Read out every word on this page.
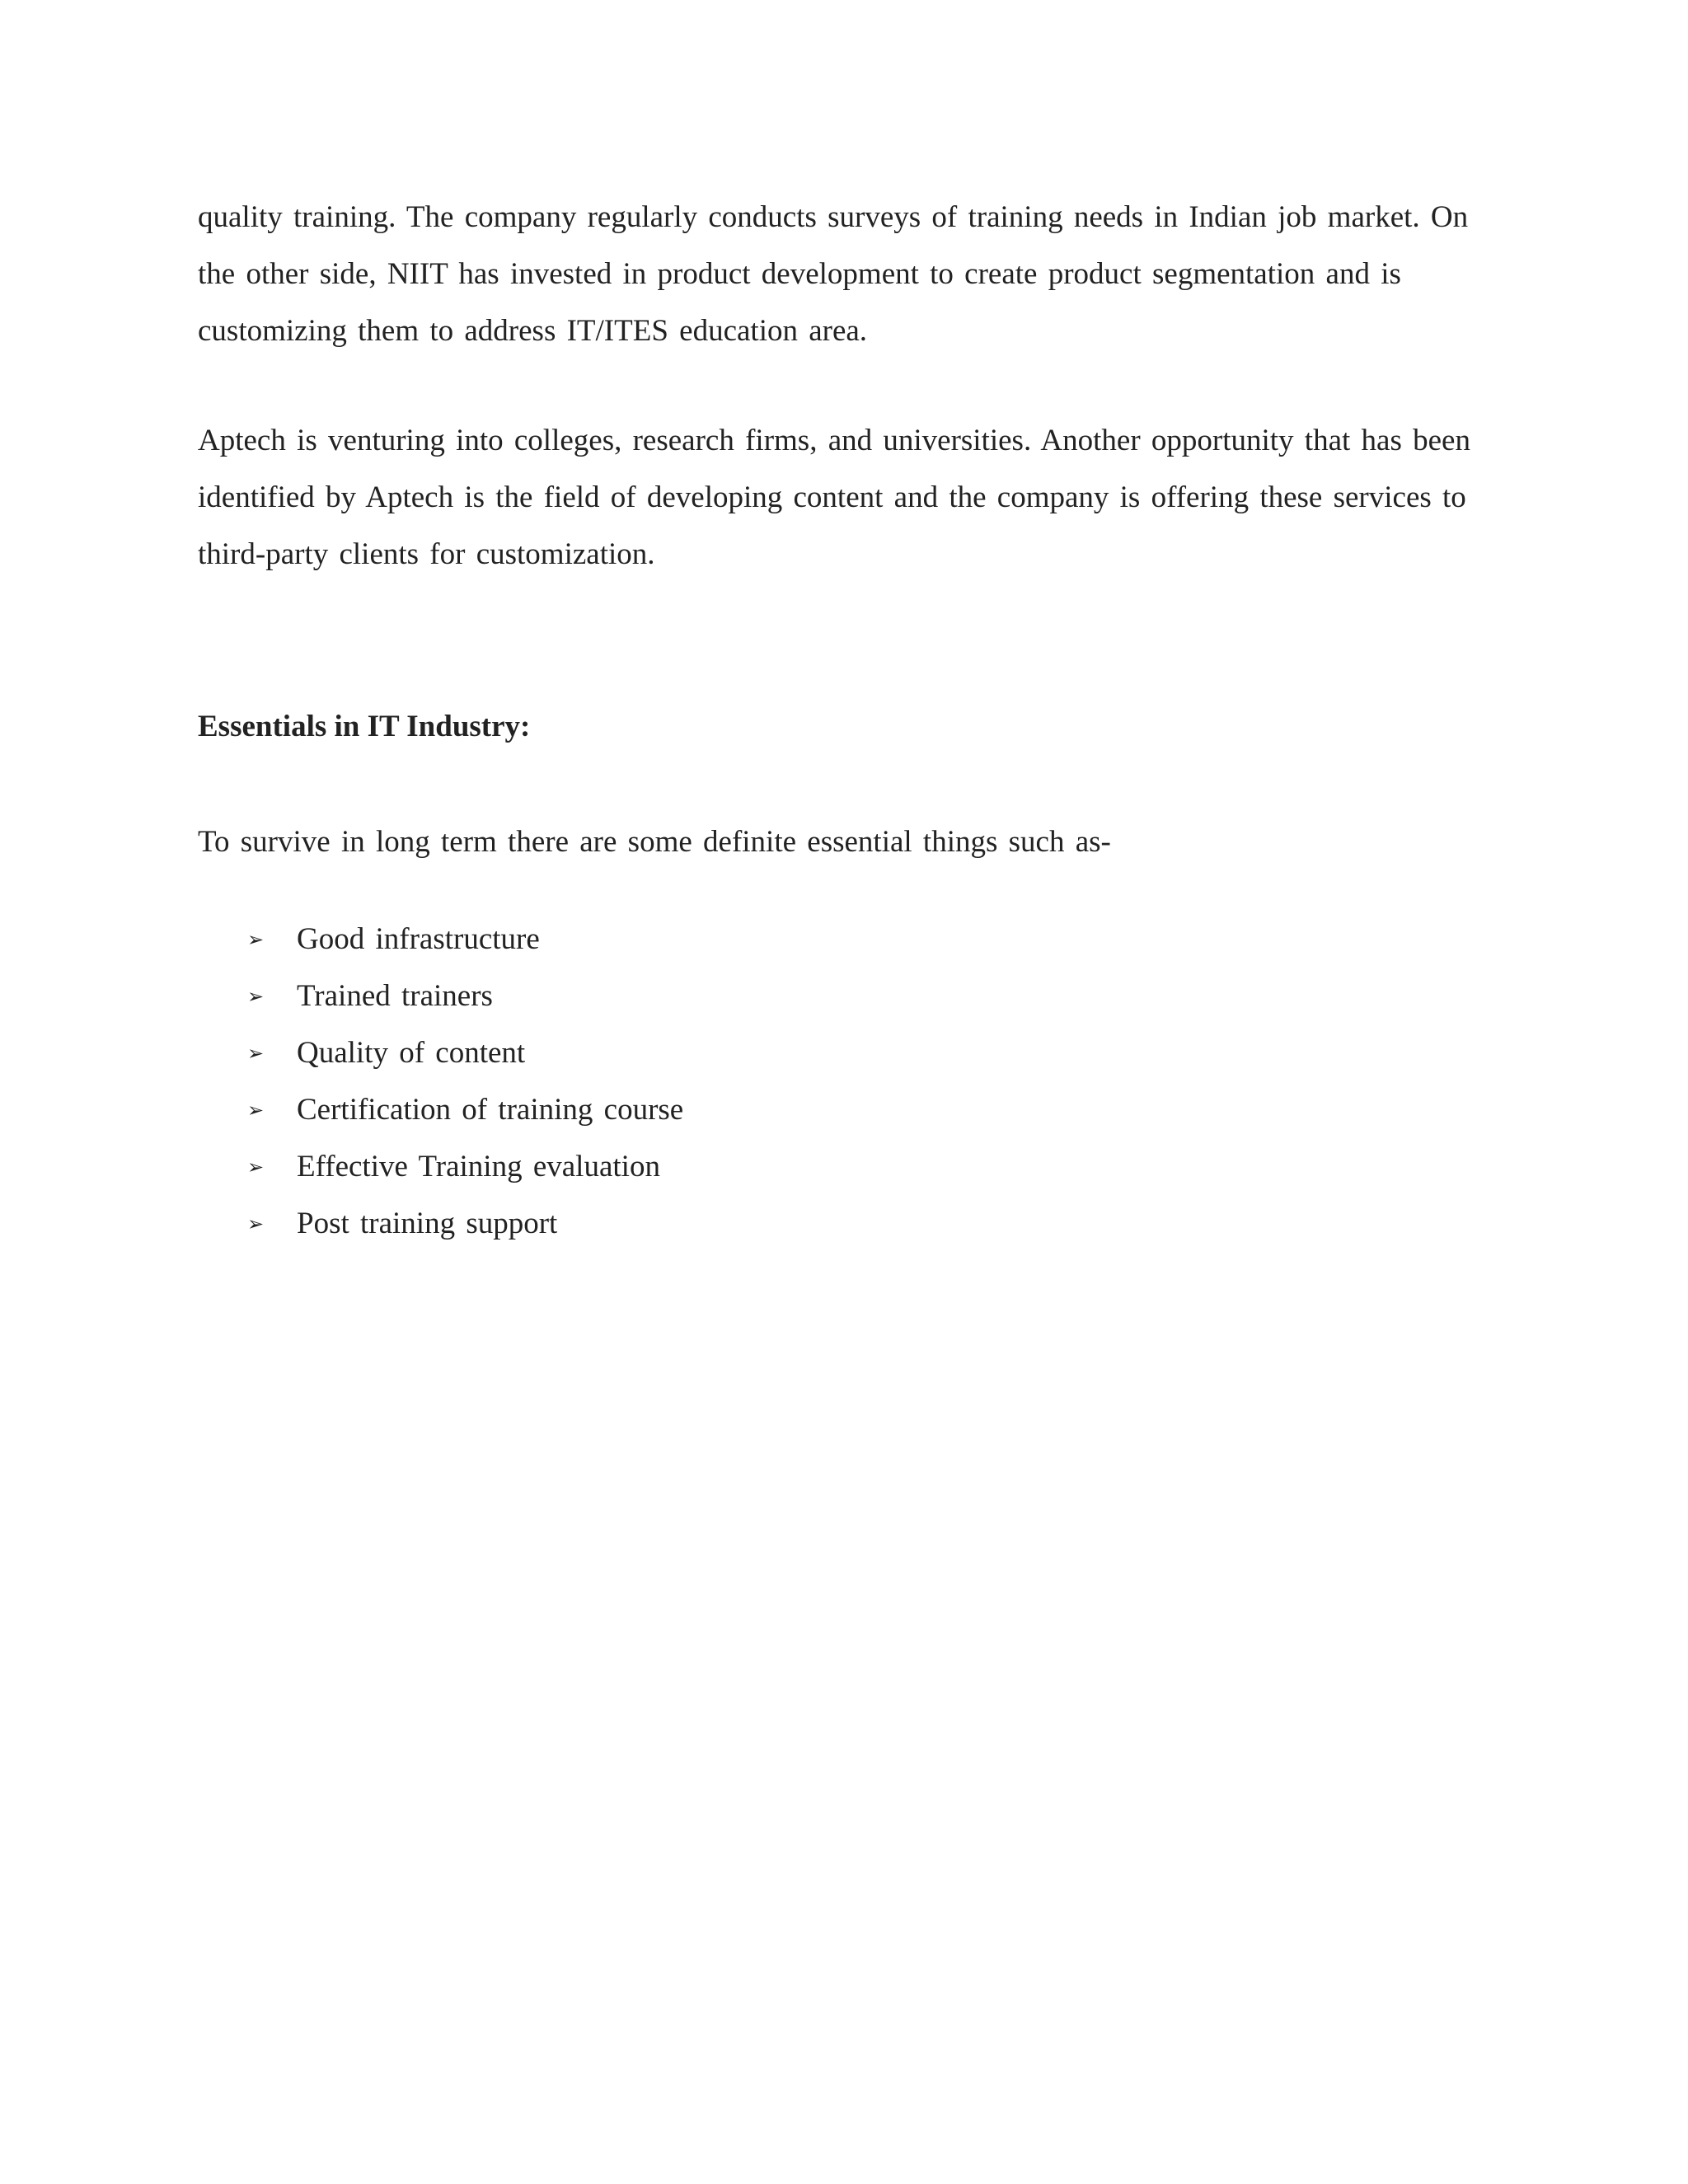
quality training. The company regularly conducts surveys of training needs in Indian job market. On the other side, NIIT has invested in product development to create product segmentation and is customizing them to address IT/ITES education area.

Aptech is venturing into colleges, research firms, and universities. Another opportunity that has been identified by Aptech is the field of developing content and the company is offering these services to third-party clients for customization.

Essentials in IT Industry:

To survive in long term there are some definite essential things such as-

➢	Good infrastructure
➢	Trained trainers
➢	Quality of content
➢	Certification of training course
➢	Effective Training evaluation
➢	Post training support
